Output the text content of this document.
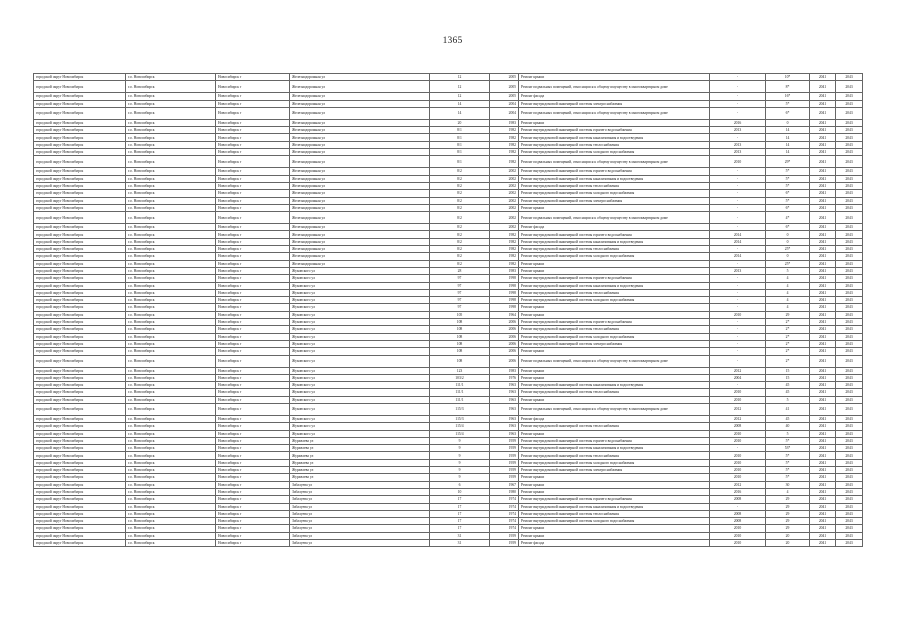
1365
городской округ Новосибирск	г.о. Новосибирск	Новосибирск г	Железнодорожная ул	12	2005	Ремонт крыши	-	10*	2041	2043
городской округ Новосибирск	г.о. Новосибирск	Новосибирск г	Железнодорожная ул	12	2005	Ремонт подвальных помещений, относящихся к общему имуществу в многоквартирном доме	-	8*	2041	2043
городской округ Новосибирск	г.о. Новосибирск	Новосибирск г	Железнодорожная ул	12	2005	Ремонт фасада	-	16*	2041	2043
городской округ Новосибирск	г.о. Новосибирск	Новосибирск г	Железнодорожная ул	14	2004	Ремонт внутридомовой инженерной системы электроснабжения	-	5*	2041	2043
городской округ Новосибирск	г.о. Новосибирск	Новосибирск г	Железнодорожная ул	14	2004	Ремонт подвальных помещений, относящихся к общему имуществу в многоквартирном доме	-	6*	2041	2043
городской округ Новосибирск	г.о. Новосибирск	Новосибирск г	Железнодорожная ул	20	1983	Ремонт крыши	2016	0	2041	2043
городской округ Новосибирск	г.о. Новосибирск	Новосибирск г	Железнодорожная ул	8/1	1982	Ремонт внутридомовой инженерной системы горячего водоснабжения	2013	14	2041	2043
городской округ Новосибирск	г.о. Новосибирск	Новосибирск г	Железнодорожная ул	8/1	1982	Ремонт внутридомовой инженерной системы канализования и водоотведения	-	14	2041	2043
городской округ Новосибирск	г.о. Новосибирск	Новосибирск г	Железнодорожная ул	8/1	1982	Ремонт внутридомовой инженерной системы теплоснабжения	2013	14	2041	2043
городской округ Новосибирск	г.о. Новосибирск	Новосибирск г	Железнодорожная ул	8/1	1982	Ремонт внутридомовой инженерной системы холодного водоснабжения	2013	14	2041	2043
городской округ Новосибирск	г.о. Новосибирск	Новосибирск г	Железнодорожная ул	8/1	1982	Ремонт подвальных помещений, относящихся к общему имуществу в многоквартирном доме	2010	29*	2041	2043
городской округ Новосибирск	г.о. Новосибирск	Новосибирск г	Железнодорожная ул	8/2	2002	Ремонт внутридомовой инженерной системы горячего водоснабжения	-	5*	2041	2043
городской округ Новосибирск	г.о. Новосибирск	Новосибирск г	Железнодорожная ул	8/2	2002	Ремонт внутридомовой инженерной системы канализования и водоотведения	-	5*	2041	2043
городской округ Новосибирск	г.о. Новосибирск	Новосибирск г	Железнодорожная ул	8/2	2002	Ремонт внутридомовой инженерной системы теплоснабжения	-	5*	2041	2043
городской округ Новосибирск	г.о. Новосибирск	Новосибирск г	Железнодорожная ул	8/2	2002	Ремонт внутридомовой инженерной системы холодного водоснабжения	-	6*	2041	2043
городской округ Новосибирск	г.о. Новосибирск	Новосибирск г	Железнодорожная ул	8/2	2002	Ремонт внутридомовой инженерной системы электроснабжения	-	5*	2041	2043
городской округ Новосибирск	г.о. Новосибирск	Новосибирск г	Железнодорожная ул	8/2	2002	Ремонт крыши	-	6*	2041	2043
городской округ Новосибирск	г.о. Новосибирск	Новосибирск г	Железнодорожная ул	8/2	2002	Ремонт подвальных помещений, относящихся к общему имуществу в многоквартирном доме	-	4*	2041	2043
городской округ Новосибирск	г.о. Новосибирск	Новосибирск г	Железнодорожная ул	8/2	2002	Ремонт фасада	-	6*	2041	2043
городской округ Новосибирск	г.о. Новосибирск	Новосибирск г	Железнодорожная ул	8/2	1982	Ремонт внутридомовой инженерной системы горячего водоснабжения	2014	0	2041	2043
городской округ Новосибирск	г.о. Новосибирск	Новосибирск г	Железнодорожная ул	8/2	1982	Ремонт внутридомовой инженерной системы канализования и водоотведения	2014	0	2041	2043
городской округ Новосибирск	г.о. Новосибирск	Новосибирск г	Железнодорожная ул	8/2	1982	Ремонт внутридомовой инженерной системы теплоснабжения	-	25*	2041	2043
городской округ Новосибирск	г.о. Новосибирск	Новосибирск г	Железнодорожная ул	8/2	1982	Ремонт внутридомовой инженерной системы холодного водоснабжения	2014	0	2041	2043
городской округ Новосибирск	г.о. Новосибирск	Новосибирск г	Железнодорожная ул	8/2	1982	Ремонт крыши	-	25*	2041	2043
городской округ Новосибирск	г.о. Новосибирск	Новосибирск г	Жуковского ул	28	1983	Ремонт крыши	2013	5	2041	2043
городской округ Новосибирск	г.о. Новосибирск	Новосибирск г	Жуковского ул	97	1998	Ремонт внутридомовой инженерной системы горячего водоснабжения	-	4	2041	2043
городской округ Новосибирск	г.о. Новосибирск	Новосибирск г	Жуковского ул	97	1998	Ремонт внутридомовой инженерной системы канализования и водоотведения	-	4	2041	2043
городской округ Новосибирск	г.о. Новосибирск	Новосибирск г	Жуковского ул	97	1998	Ремонт внутридомовой инженерной системы теплоснабжения	-	4	2041	2043
городской округ Новосибирск	г.о. Новосибирск	Новосибирск г	Жуковского ул	97	1998	Ремонт внутридомовой инженерной системы холодного водоснабжения	-	4	2041	2043
городской округ Новосибирск	г.о. Новосибирск	Новосибирск г	Жуковского ул	97	1998	Ремонт крыши	-	4	2041	2043
городской округ Новосибирск	г.о. Новосибирск	Новосибирск г	Жуковского ул	105	1964	Ремонт крыши	2010	29	2041	2043
городской округ Новосибирск	г.о. Новосибирск	Новосибирск г	Жуковского ул	108	2006	Ремонт внутридомовой инженерной системы горячего водоснабжения	-	2*	2041	2043
городской округ Новосибирск	г.о. Новосибирск	Новосибирск г	Жуковского ул	108	2006	Ремонт внутридомовой инженерной системы теплоснабжения	-	2*	2041	2043
городской округ Новосибирск	г.о. Новосибирск	Новосибирск г	Жуковского ул	108	2006	Ремонт внутридомовой инженерной системы холодного водоснабжения	-	2*	2041	2043
городской округ Новосибирск	г.о. Новосибирск	Новосибирск г	Жуковского ул	108	2006	Ремонт внутридомовой инженерной системы электроснабжения	-	2*	2041	2043
городской округ Новосибирск	г.о. Новосибирск	Новосибирск г	Жуковского ул	108	2006	Ремонт крыши	-	2*	2041	2043
городской округ Новосибирск	г.о. Новосибирск	Новосибирск г	Жуковского ул	108	2006	Ремонт подвальных помещений, относящихся к общему имуществу в многоквартирном доме	-	2*	2041	2043
городской округ Новосибирск	г.о. Новосибирск	Новосибирск г	Жуковского ул	123	1983	Ремонт крыши	2012	15	2041	2043
городской округ Новосибирск	г.о. Новосибирск	Новосибирск г	Жуковского ул	103/2	1976	Ремонт крыши	2004	15	2041	2043
городской округ Новосибирск	г.о. Новосибирск	Новосибирск г	Жуковского ул	111/1	1963	Ремонт внутридомовой инженерной системы канализования и водоотведения	-	45	2041	2043
городской округ Новосибирск	г.о. Новосибирск	Новосибирск г	Жуковского ул	111/1	1963	Ремонт внутридомовой инженерной системы теплоснабжения	2010	45	2041	2043
городской округ Новосибирск	г.о. Новосибирск	Новосибирск г	Жуковского ул	111/1	1963	Ремонт крыши	2010	5	2041	2043
городской округ Новосибирск	г.о. Новосибирск	Новосибирск г	Жуковского ул	115/3	1963	Ремонт подвальных помещений, относящихся к общему имуществу в многоквартирном доме	2012	41	2041	2043
городской округ Новосибирск	г.о. Новосибирск	Новосибирск г	Жуковского ул	115/3	1963	Ремонт фасада	2012	45	2041	2043
городской округ Новосибирск	г.о. Новосибирск	Новосибирск г	Жуковского ул	115/4	1963	Ремонт внутридомовой инженерной системы теплоснабжения	2008	40	2041	2043
городской округ Новосибирск	г.о. Новосибирск	Новосибирск г	Жуковского ул	115/4	1963	Ремонт крыши	2010	5	2041	2043
городской округ Новосибирск	г.о. Новосибирск	Новосибирск г	Журавлева ул	9	1959	Ремонт внутридомовой инженерной системы горячего водоснабжения	2010	5*	2041	2043
городской округ Новосибирск	г.о. Новосибирск	Новосибирск г	Журавлева ул	9	1959	Ремонт внутридомовой инженерной системы канализования и водоотведения	-	53*	2041	2043
городской округ Новосибирск	г.о. Новосибирск	Новосибирск г	Журавлева ул	9	1959	Ремонт внутридомовой инженерной системы теплоснабжения	2010	5*	2041	2043
городской округ Новосибирск	г.о. Новосибирск	Новосибирск г	Журавлева ул	9	1959	Ремонт внутридомовой инженерной системы холодного водоснабжения	2010	5*	2041	2043
городской округ Новосибирск	г.о. Новосибирск	Новосибирск г	Журавлева ул	9	1959	Ремонт внутридомовой инженерной системы электроснабжения	2010	5*	2041	2043
городской округ Новосибирск	г.о. Новосибирск	Новосибирск г	Журавлева ул	9	1959	Ремонт крыши	2010	5*	2041	2043
городской округ Новосибирск	г.о. Новосибирск	Новосибирск г	Забалуева ул	6	1967	Ремонт крыши	2012	30	2041	2043
городской округ Новосибирск	г.о. Новосибирск	Новосибирск г	Забалуева ул	10	1980	Ремонт крыши	2016	4	2041	2043
городской округ Новосибирск	г.о. Новосибирск	Новосибирск г	Забалуева ул	17	1974	Ремонт внутридомовой инженерной системы горячего водоснабжения	2008	29	2041	2043
городской округ Новосибирск	г.о. Новосибирск	Новосибирск г	Забалуева ул	17	1974	Ремонт внутридомовой инженерной системы канализования и водоотведения	-	29	2041	2043
городской округ Новосибирск	г.о. Новосибирск	Новосибирск г	Забалуева ул	17	1974	Ремонт внутридомовой инженерной системы теплоснабжения	2008	29	2041	2043
городской округ Новосибирск	г.о. Новосибирск	Новосибирск г	Забалуева ул	17	1974	Ремонт внутридомовой инженерной системы холодного водоснабжения	2008	29	2041	2043
городской округ Новосибирск	г.о. Новосибирск	Новосибирск г	Забалуева ул	17	1974	Ремонт крыши	2010	29	2041	2043
городской округ Новосибирск	г.о. Новосибирск	Новосибирск г	Забалуева ул	31	1959	Ремонт крыши	2010	20	2041	2043
городской округ Новосибирск	г.о. Новосибирск	Новосибирск г	Забалуева ул	31	1959	Ремонт фасада	2010	20	2041	2043
